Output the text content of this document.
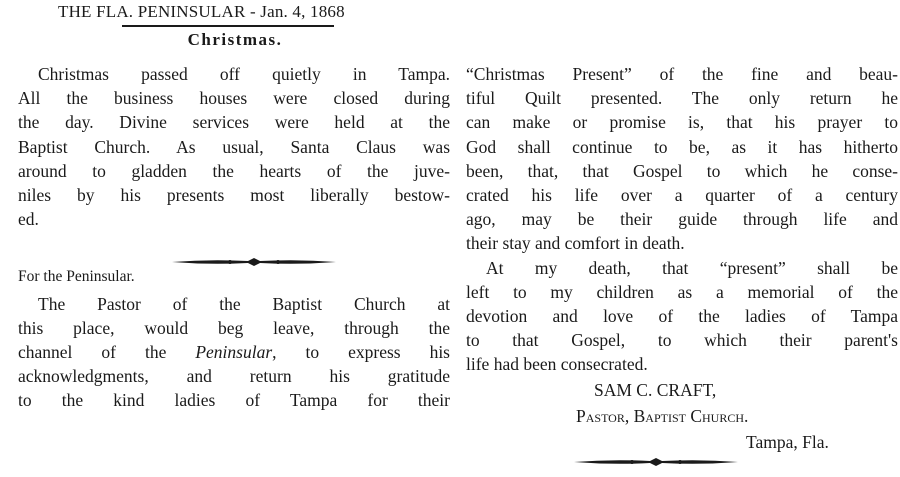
THE FLA. PENINSULAR - Jan. 4, 1868
Christmas.
Christmas passed off quietly in Tampa.
All the business houses were closed during
the day. Divine services were held at the
Baptist Church. As usual, Santa Claus was
around to gladden the hearts of the juve-
niles by his presents most liberally bestow-
ed.
For the Peninsular.
The Pastor of the Baptist Church at
this place, would beg leave, through the
channel of the Peninsular, to express his
acknowledgments, and return his gratitude
to the kind ladies of Tampa for their
“Christmas Present” of the fine and beau-
tiful Quilt presented. The only return he
can make or promise is, that his prayer to
God shall continue to be, as it has hitherto
been, that, that Gospel to which he conse-
crated his life over a quarter of a century
ago, may be their guide through life and
their stay and comfort in death.
At my death, that “present” shall be
left to my children as a memorial of the
devotion and love of the ladies of Tampa
to that Gospel, to which their parent's
life had been consecrated.
SAM C. CRAFT,
Pastor, Baptist Church.
Tampa, Fla.
